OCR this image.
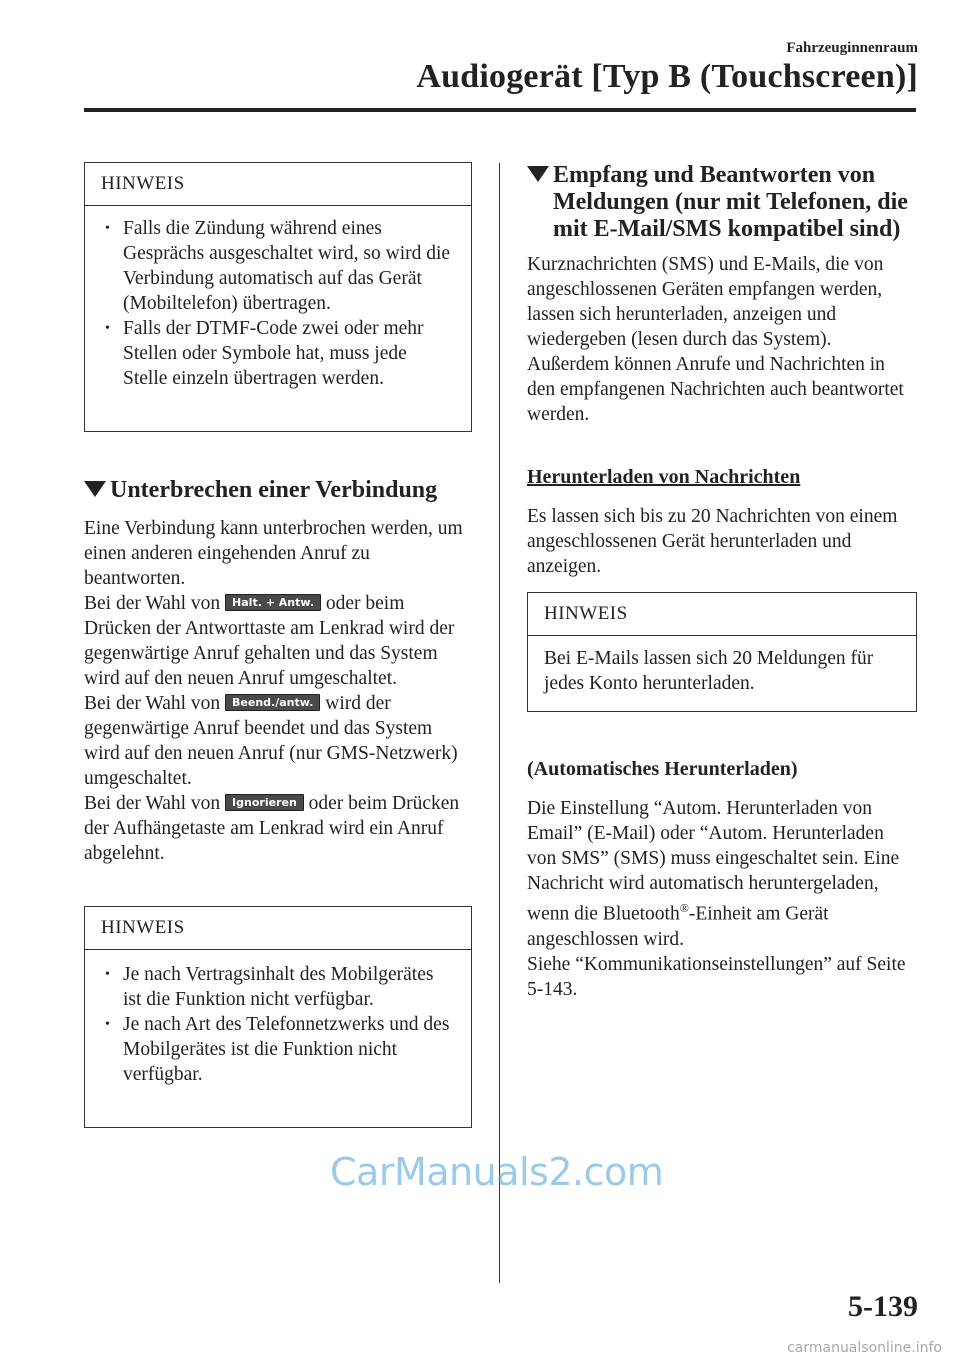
Fahrzeuginnenraum
Audiogerät [Typ B (Touchscreen)]
HINWEIS
• Falls die Zündung während eines Gesprächs ausgeschaltet wird, so wird die Verbindung automatisch auf das Gerät (Mobiltelefon) übertragen.
• Falls der DTMF-Code zwei oder mehr Stellen oder Symbole hat, muss jede Stelle einzeln übertragen werden.
Unterbrechen einer Verbindung

Eine Verbindung kann unterbrochen werden, um einen anderen eingehenden Anruf zu beantworten.

Bei der Wahl von Halt. + Antw. oder beim Drücken der Antworttaste am Lenkrad wird der gegenwärtige Anruf gehalten und das System wird auf den neuen Anruf umgeschaltet.

Bei der Wahl von Beend./antw. wird der gegenwärtige Anruf beendet und das System wird auf den neuen Anruf (nur GMS-Netzwerk) umgeschaltet.

Bei der Wahl von Ignorieren oder beim Drücken der Aufhängetaste am Lenkrad wird ein Anruf abgelehnt.

HINWEIS
• Je nach Vertragsinhalt des Mobilgerätes ist die Funktion nicht verfügbar.
• Je nach Art des Telefonnetzwerks und des Mobilgerätes ist die Funktion nicht verfügbar.
Empfang und Beantworten von Meldungen (nur mit Telefonen, die mit E-Mail/SMS kompatibel sind)

Kurznachrichten (SMS) und E-Mails, die von angeschlossenen Geräten empfangen werden, lassen sich herunterladen, anzeigen und wiedergeben (lesen durch das System).

Außerdem können Anrufe und Nachrichten in den empfangenen Nachrichten auch beantwortet werden.

Herunterladen von Nachrichten

Es lassen sich bis zu 20 Nachrichten von einem angeschlossenen Gerät herunterladen und anzeigen.

HINWEIS
Bei E-Mails lassen sich 20 Meldungen für jedes Konto herunterladen.
(Automatisches Herunterladen)

Die Einstellung “Autom. Herunterladen von Email” (E-Mail) oder “Autom. Herunterladen von SMS” (SMS) muss eingeschaltet sein. Eine Nachricht wird automatisch heruntergeladen, wenn die Bluetooth®-Einheit am Gerät angeschlossen wird.

Siehe “Kommunikationseinstellungen” auf Seite 5-143.

5-139
CarManuals2.com
carmanualsonline.info
